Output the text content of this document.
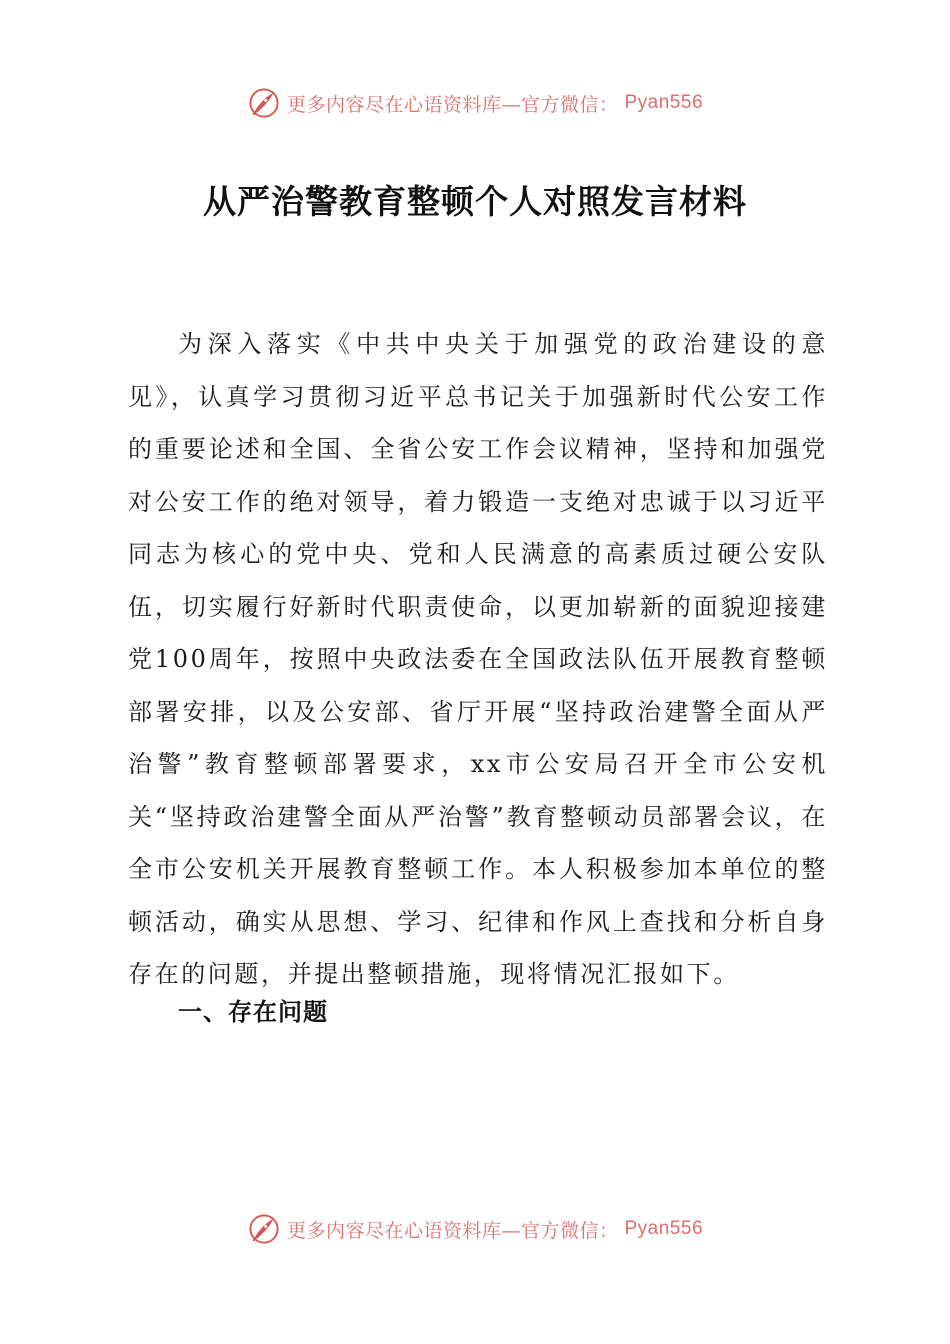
更多内容尽在心语资料库—官方微信： Pyan556
从严治警教育整顿个人对照发言材料

为深入落实《中共中央关于加强党的政治建设的意见》，认真学习贯彻习近平总书记关于加强新时代公安工作的重要论述和全国、全省公安工作会议精神，坚持和加强党对公安工作的绝对领导，着力锻造一支绝对忠诚于以习近平同志为核心的党中央、党和人民满意的高素质过硬公安队伍，切实履行好新时代职责使命，以更加崭新的面貌迎接建党100周年，按照中央政法委在全国政法队伍开展教育整顿部署安排，以及公安部、省厅开展“坚持政治建警全面从严治警”教育整顿部署要求，xx市公安局召开全市公安机关“坚持政治建警全面从严治警”教育整顿动员部署会议，在全市公安机关开展教育整顿工作。本人积极参加本单位的整顿活动，确实从思想、学习、纪律和作风上查找和分析自身存在的问题，并提出整顿措施，现将情况汇报如下。

一、存在问题
更多内容尽在心语资料库—官方微信： Pyan556
